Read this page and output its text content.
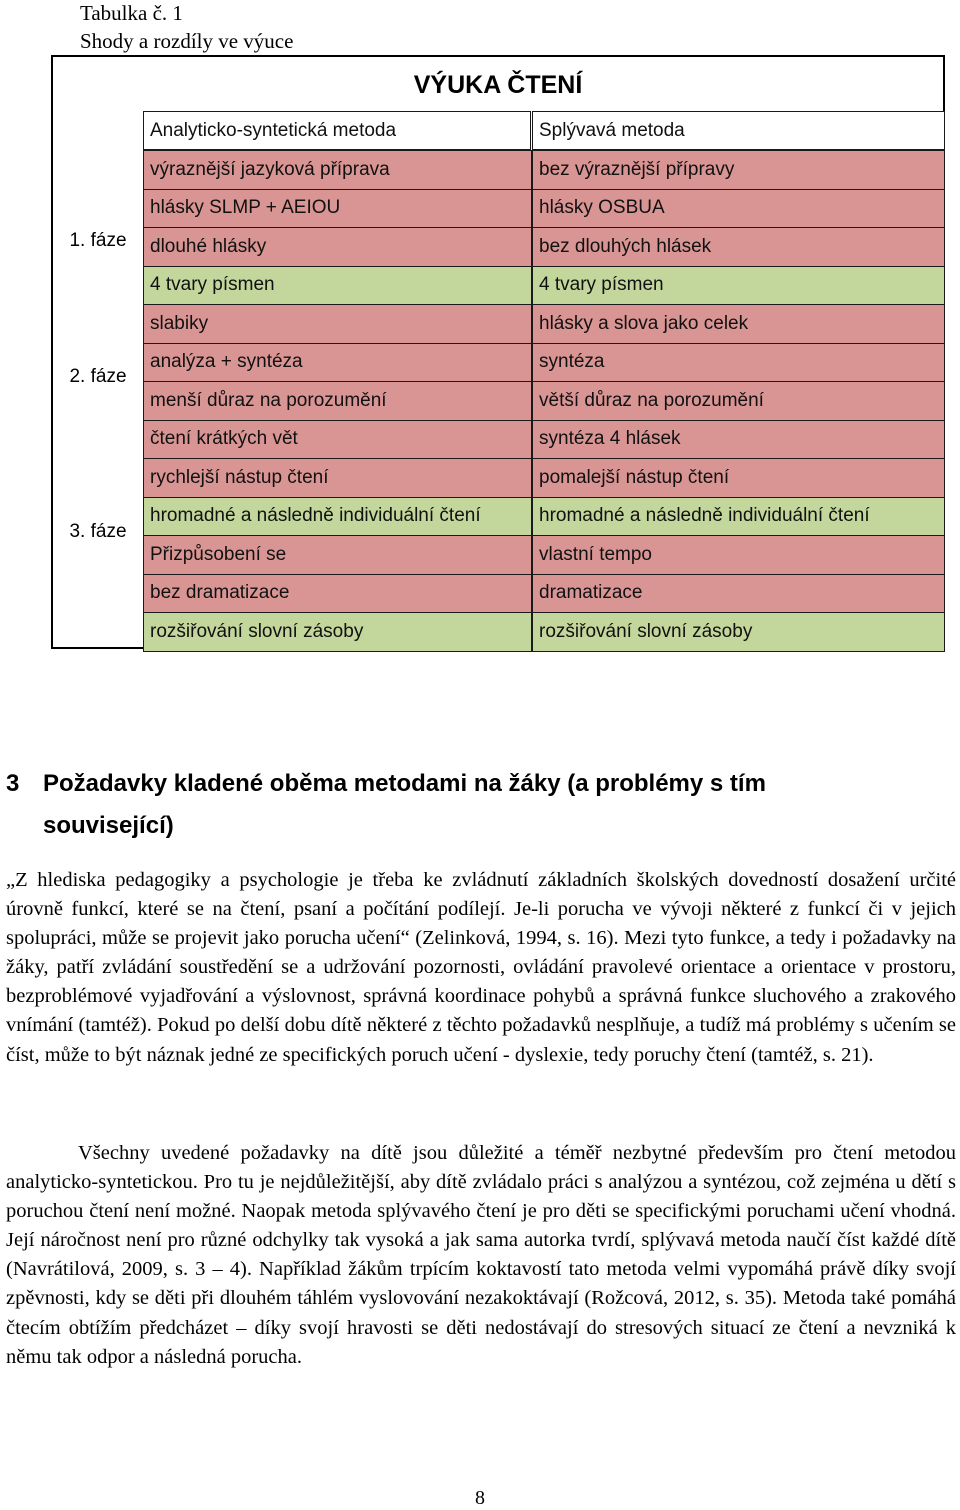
Tabulka č. 1
Shody a rozdíly ve výuce
VÝUKA ČTENÍ
Analyticko-syntetická metoda	Splývavá metoda
1. fáze
2. fáze
3. fáze
výraznější jazyková příprava	bez výraznější přípravy
hlásky SLMP + AEIOU	hlásky OSBUA
dlouhé hlásky	bez dlouhých hlásek
4 tvary písmen	4 tvary písmen
slabiky	hlásky a slova jako celek
analýza + syntéza	syntéza
menší důraz na porozumění	větší důraz na porozumění
čtení krátkých vět	syntéza 4 hlásek
rychlejší nástup čtení	pomalejší nástup čtení
hromadné a následně individuální čtení	hromadné a následně individuální čtení
Přizpůsobení se	vlastní tempo
bez dramatizace	dramatizace
rozšiřování slovní zásoby	rozšiřování slovní zásoby
3 Požadavky kladené oběma metodami na žáky (a problémy s tím související)

„Z hlediska pedagogiky a psychologie je třeba ke zvládnutí základních školských dovedností dosažení určité úrovně funkcí, které se na čtení, psaní a počítání podílejí. Je-li porucha ve vývoji některé z funkcí či v jejich spolupráci, může se projevit jako porucha učení“ (Zelinková, 1994, s. 16). Mezi tyto funkce, a tedy i požadavky na žáky, patří zvládání soustředění se a udržování pozornosti, ovládání pravolevé orientace a orientace v prostoru, bezproblémové vyjadřování a výslovnost, správná koordinace pohybů a správná funkce sluchového a zrakového vnímání (tamtéž). Pokud po delší dobu dítě některé z těchto požadavků nesplňuje, a tudíž má problémy s učením se číst, může to být náznak jedné ze specifických poruch učení - dyslexie, tedy poruchy čtení (tamtéž, s. 21).

Všechny uvedené požadavky na dítě jsou důležité a téměř nezbytné především pro čtení metodou analyticko-syntetickou. Pro tu je nejdůležitější, aby dítě zvládalo práci s analýzou a syntézou, což zejména u dětí s poruchou čtení není možné. Naopak metoda splývavého čtení je pro děti se specifickými poruchami učení vhodná. Její náročnost není pro různé odchylky tak vysoká a jak sama autorka tvrdí, splývavá metoda naučí číst každé dítě (Navrátilová, 2009, s. 3 – 4). Například žákům trpícím koktavostí tato metoda velmi vypomáhá právě díky svojí zpěvnosti, kdy se děti při dlouhém táhlém vyslovování nezakoktávají (Rožcová, 2012, s. 35). Metoda také pomáhá čtecím obtížím předcházet – díky svojí hravosti se děti nedostávají do stresových situací ze čtení a nevzniká k němu tak odpor a následná porucha.

8
